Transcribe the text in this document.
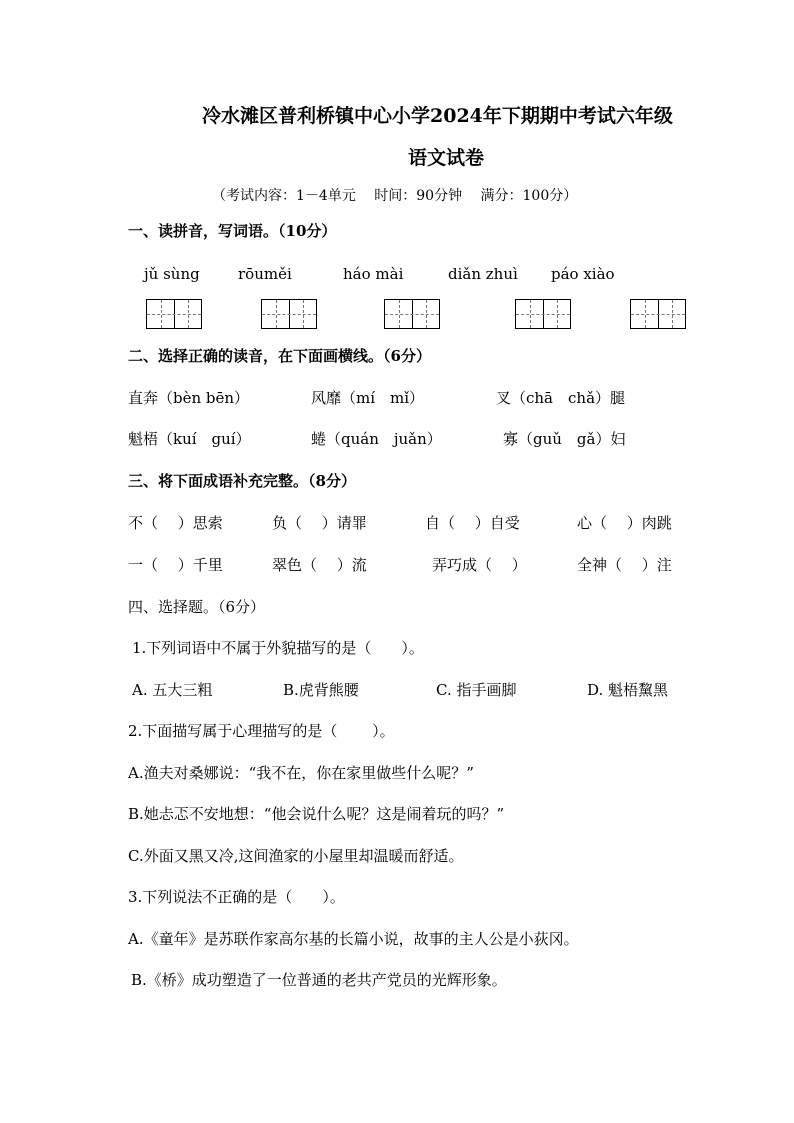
冷水滩区普利桥镇中心小学2024年下期期中考试六年级
语文试卷
（考试内容：1－4单元　 时间：90分钟　 满分：100分）
一、读拼音，写词语。（10分）
jǔ sùng	rōuměi	háo mài	diǎn zhuì páo xiào
二、选择正确的读音，在下面画横线。（6分）
直奔（bèn bēn）	风靡（mí　mǐ）	叉（chā　chǎ）腿
魁梧（kuí　guí）	蜷（quán　juǎn）	寡（guǔ　gǎ）妇
三、将下面成语补充完整。（8分）
不（　 ）思索	负（　 ）请罪	自（　 ）自受	心（　 ）肉跳
一（　 ）千里	翠色（　 ）流	弄巧成（　 ）	全神（　 ）注
四、选择题。（6分）
1.下列词语中不属于外貌描写的是（　　）。
A. 五大三粗	B.虎背熊腰	C. 指手画脚	D. 魁梧黧黑
2.下面描写属于心理描写的是（　　 ）。
A.渔夫对桑娜说：“我不在，你在家里做些什么呢？”
B.她忐忑不安地想：“他会说什么呢？这是闹着玩的吗？”
C.外面又黑又冷,这间渔家的小屋里却温暖而舒适。
3.下列说法不正确的是（　　）。
A.《童年》是苏联作家高尔基的长篇小说，故事的主人公是小荻冈。
B.《桥》成功塑造了一位普通的老共产党员的光辉形象。
